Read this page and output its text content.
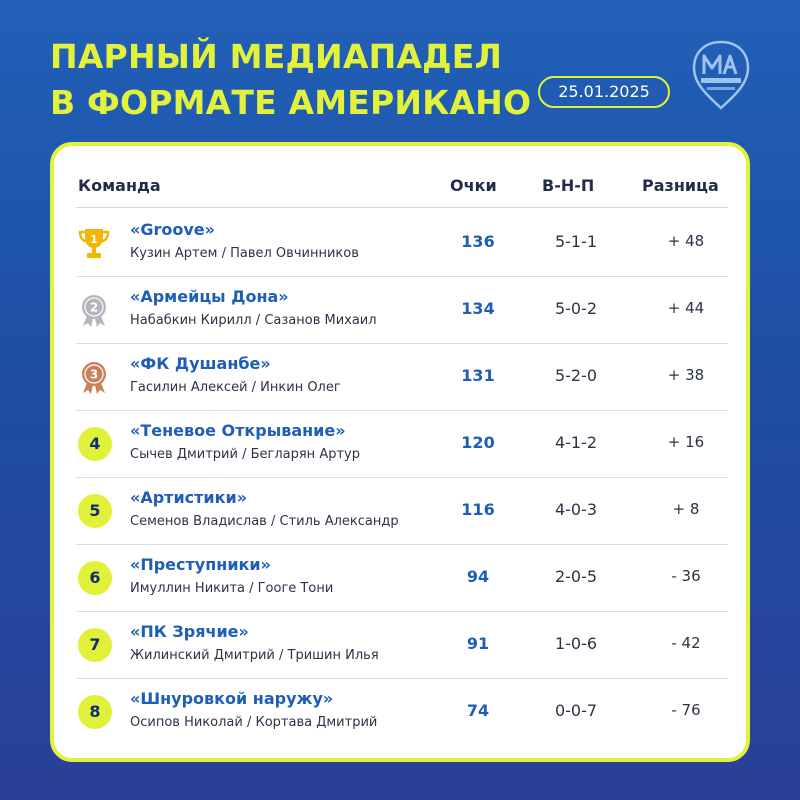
ПАРНЫЙ МЕДИАПАДЕЛ
В ФОРМАТЕ АМЕРИКАНО	25.01.2025
Команда	Очки	В-Н-П	Разница
1
«Groove»
Кузин Артем / Павел Овчинников
136	5-1-1	+ 48
2
«Армейцы Дона»
Набабкин Кирилл / Сазанов Михаил
134	5-0-2	+ 44
3
«ФК Душанбе»
Гасилин Алексей / Инкин Олег
131	5-2-0	+ 38
4
«Теневое Открывание»
Сычев Дмитрий / Бегларян Артур
120	4-1-2	+ 16
5
«Артистики»
Семенов Владислав / Стиль Александр
116	4-0-3	+ 8
6
«Преступники»
Имуллин Никита / Гооге Тони
94	2-0-5	- 36
7
«ПК Зрячие»
Жилинский Дмитрий / Тришин Илья
91	1-0-6	- 42
8
«Шнуровкой наружу»
Осипов Николай / Кортава Дмитрий
74	0-0-7	- 76
